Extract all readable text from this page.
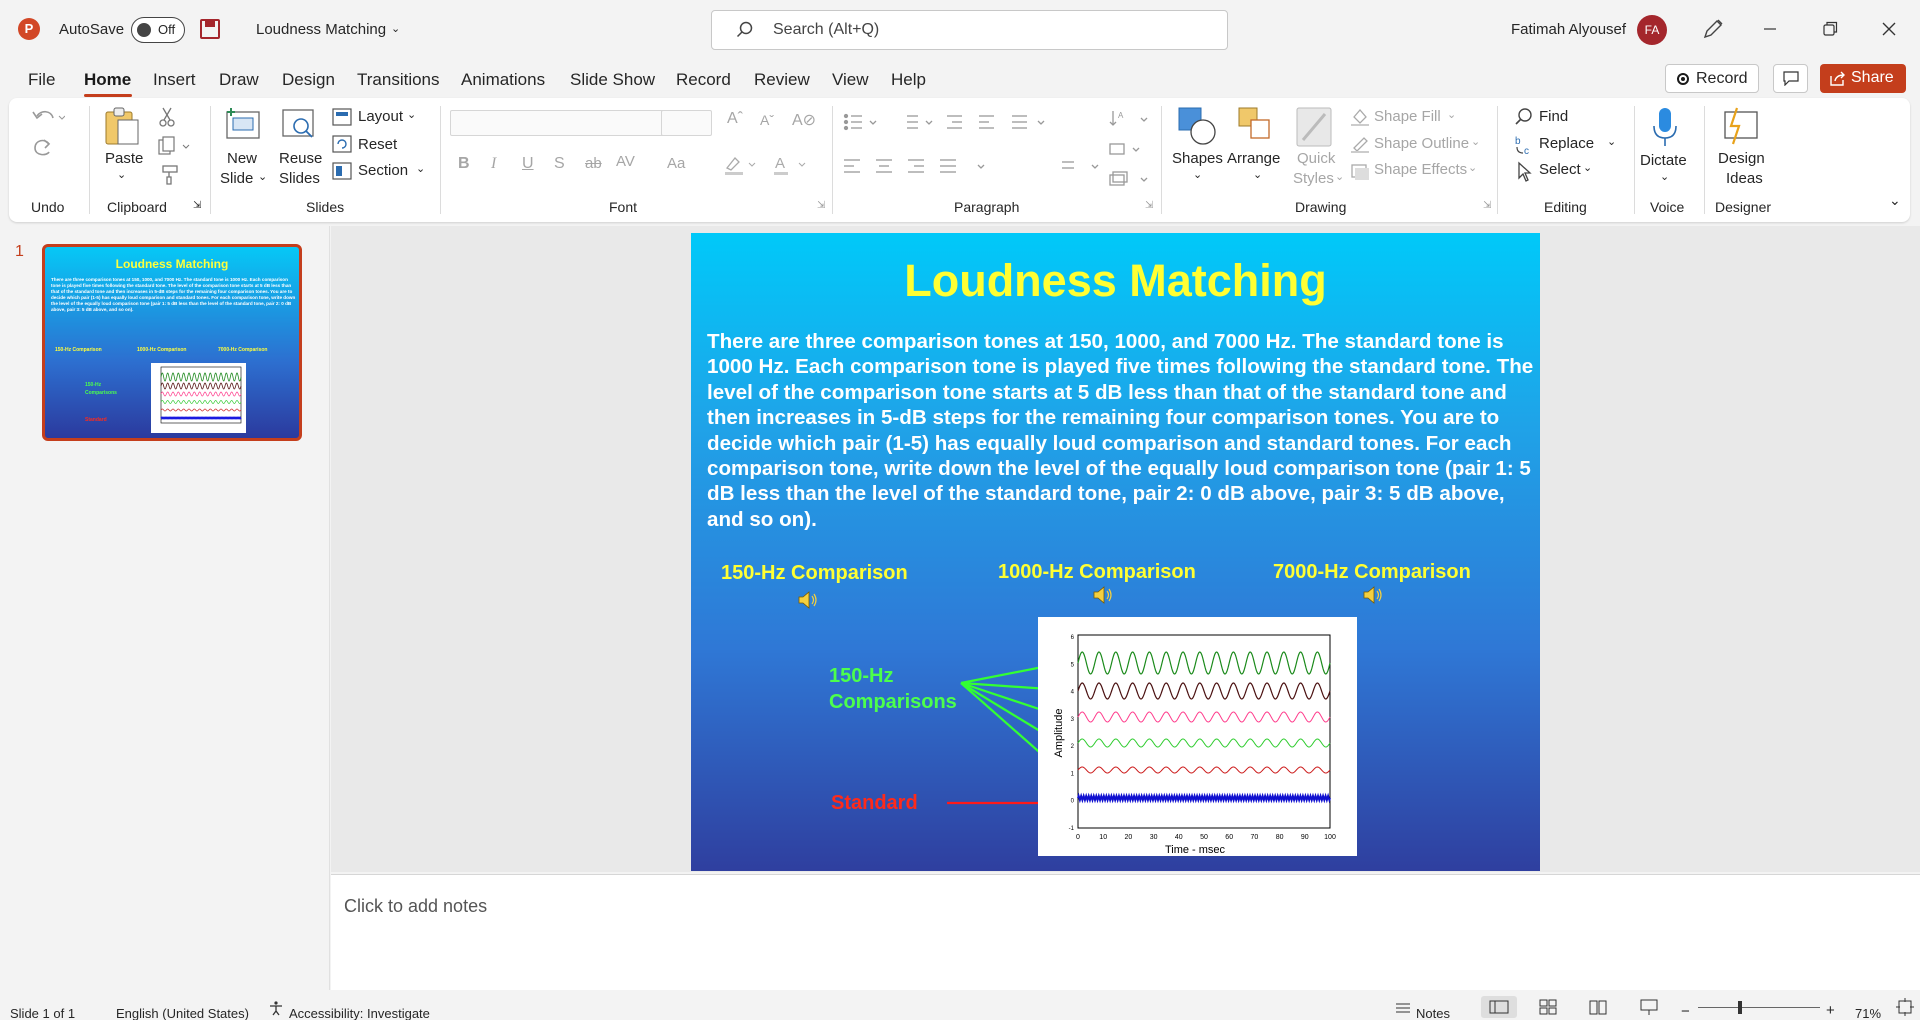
P	AutoSave	Off	Loudness Matching ⌄	Search (Alt+Q)	Fatimah Alyousef	FA
File Home Insert Draw Design Transitions Animations Slide Show Record Review View Help	Record	Share
Undo
Paste
⌄
Clipboard	⇲
New
Slide ⌄
Reuse
Slides
Layout ⌄
Reset
Section ⌄
Slides
Aˆ Aˇ A⊘
B I U S ab AV Aa	A
Font	⇲
A
Paragraph	⇲
Shapes
⌄
Arrange
⌄
Quick
Styles ⌄
Shape Fill ⌄
Shape Outline ⌄
Shape Effects ⌄
Drawing	⇲
Find
b
c Replace ⌄
Select ⌄
Editing
Dictate
⌄
Voice
Design
Ideas
Designer	⌄
1
Loudness Matching
There are three comparison tones at 150, 1000, and 7000 Hz. The standard tone is 1000 Hz. Each comparison tone is played five times following the standard tone. The level of the comparison tone starts at 5 dB less than that of the standard tone and then increases in 5-dB steps for the remaining four comparison tones. You are to decide which pair (1-5) has equally loud comparison and standard tones. For each comparison tone, write down the level of the equally loud comparison tone (pair 1: 5 dB less than the level of the standard tone, pair 2: 0 dB above, pair 3: 5 dB above, and so on).
150-Hz Comparison	1000-Hz Comparison	7000-Hz Comparison
150-Hz
Comparisons
Standard
Loudness Matching
There are three comparison tones at 150, 1000, and 7000 Hz. The standard tone is 1000 Hz. Each comparison tone is played five times following the standard tone. The level of the comparison tone starts at 5 dB less than that of the standard tone and then increases in 5-dB steps for the remaining four comparison tones. You are to decide which pair (1-5) has equally loud comparison and standard tones. For each comparison tone, write down the level of the equally loud comparison tone (pair 1: 5 dB less than the level of the standard tone, pair 2: 0 dB above, pair 3: 5 dB above, and so on).
150-Hz Comparison	1000-Hz Comparison	7000-Hz Comparison
150-Hz
Comparisons
Standard
0	10 20 30 40 50 60 70 80 90 100
6
5
4
3
2
1
0
-1
Time - msec
Amplitude
Click to add notes
Slide 1 of 1	English (United States)	Accessibility: Investigate	Notes	−	+ 71%
